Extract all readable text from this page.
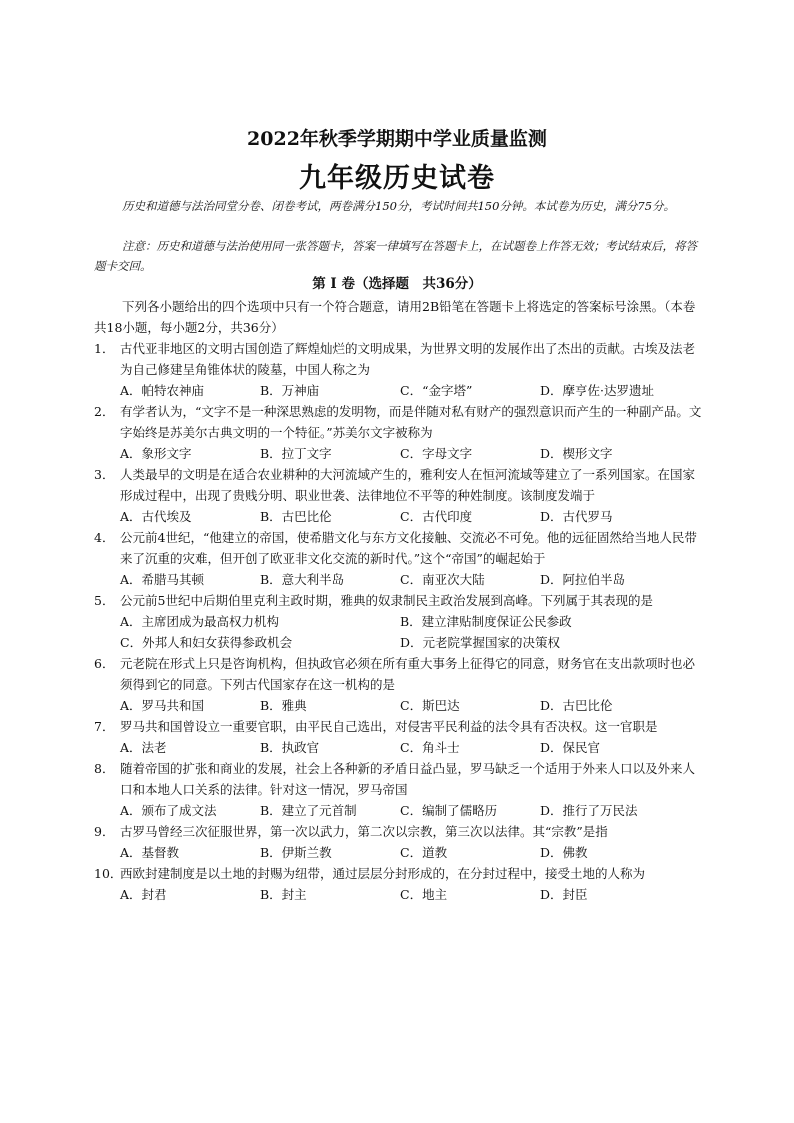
2022年秋季学期期中学业质量监测
九年级历史试卷
历史和道德与法治同堂分卷、闭卷考试，两卷满分150分，考试时间共150分钟。本试卷为历史，满分75分。
注意：历史和道德与法治使用同一张答题卡，答案一律填写在答题卡上，在试题卷上作答无效；考试结束后，将答题卡交回。
第 Ⅰ 卷（选择题　共36分）
下列各小题给出的四个选项中只有一个符合题意，请用2B铅笔在答题卡上将选定的答案标号涂黑。（本卷共18小题，每小题2分，共36分）
1． 古代亚非地区的文明古国创造了辉煌灿烂的文明成果，为世界文明的发展作出了杰出的贡献。古埃及法老为自己修建呈角锥体状的陵墓，中国人称之为
A．帕特农神庙	B．万神庙	C．“金字塔”	D．摩亨佐·达罗遗址
2． 有学者认为，“文字不是一种深思熟虑的发明物，而是伴随对私有财产的强烈意识而产生的一种副产品。文字始终是苏美尔古典文明的一个特征。”苏美尔文字被称为
A．象形文字	B．拉丁文字	C．字母文字	D．楔形文字
3． 人类最早的文明是在适合农业耕种的大河流域产生的，雅利安人在恒河流域等建立了一系列国家。在国家形成过程中，出现了贵贱分明、职业世袭、法律地位不平等的种姓制度。该制度发端于
A．古代埃及	B．古巴比伦	C．古代印度	D．古代罗马
4． 公元前4世纪，“他建立的帝国，使希腊文化与东方文化接触、交流必不可免。他的远征固然给当地人民带来了沉重的灾难，但开创了欧亚非文化交流的新时代。”这个“帝国”的崛起始于
A．希腊马其顿	B．意大利半岛	C．南亚次大陆	D．阿拉伯半岛
5． 公元前5世纪中后期伯里克利主政时期，雅典的奴隶制民主政治发展到高峰。下列属于其表现的是
A．主席团成为最高权力机构	B．建立津贴制度保证公民参政
C．外邦人和妇女获得参政机会	D．元老院掌握国家的决策权
6． 元老院在形式上只是咨询机构，但执政官必须在所有重大事务上征得它的同意，财务官在支出款项时也必须得到它的同意。下列古代国家存在这一机构的是
A．罗马共和国	B．雅典	C．斯巴达	D．古巴比伦
7． 罗马共和国曾设立一重要官职，由平民自己选出，对侵害平民利益的法令具有否决权。这一官职是
A．法老	B．执政官	C．角斗士	D．保民官
8． 随着帝国的扩张和商业的发展，社会上各种新的矛盾日益凸显，罗马缺乏一个适用于外来人口以及外来人口和本地人口关系的法律。针对这一情况，罗马帝国
A．颁布了成文法	B．建立了元首制	C．编制了儒略历	D．推行了万民法
9． 古罗马曾经三次征服世界，第一次以武力，第二次以宗教，第三次以法律。其“宗教”是指
A．基督教	B．伊斯兰教	C．道教	D．佛教
10．
西欧封建制度是以土地的封赐为纽带，通过层层分封形成的，在分封过程中，接受土地的人称为
A．封君	B．封主	C．地主	D．封臣
